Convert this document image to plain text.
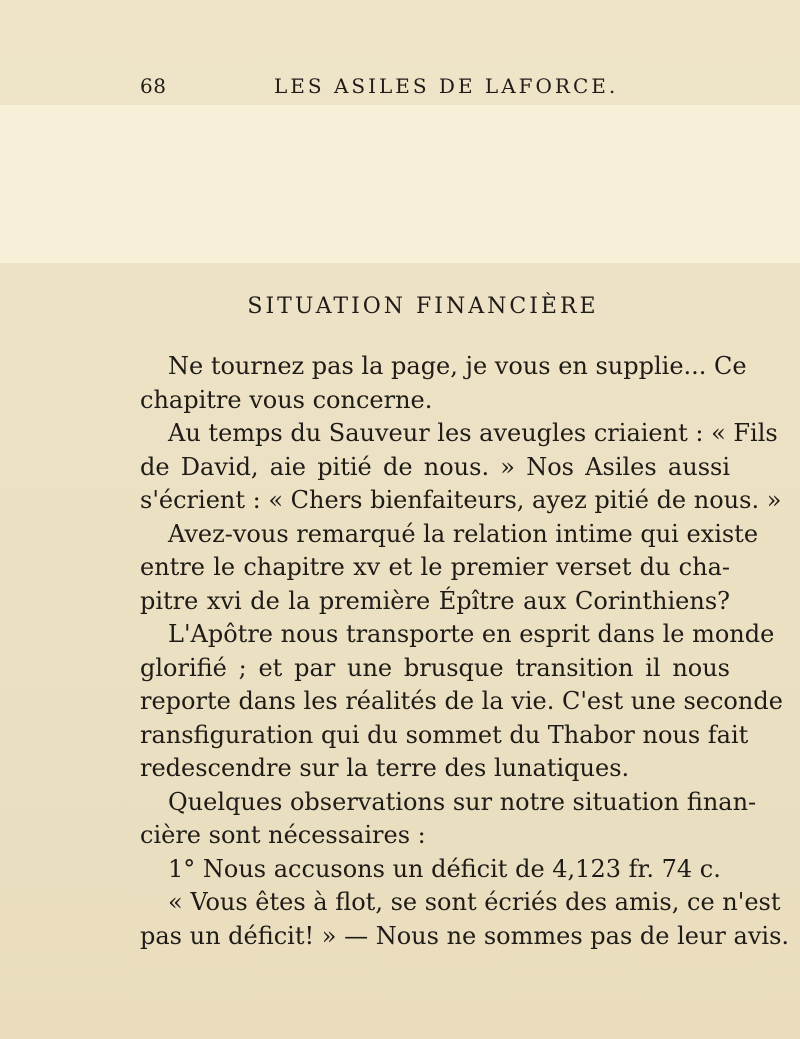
68	LES ASILES DE LAFORCE.
SITUATION FINANCIÈRE
Ne tournez pas la page, je vous en supplie... Ce
chapitre vous concerne.
Au temps du Sauveur les aveugles criaient : « Fils
de David, aie pitié de nous. » Nos Asiles aussi
s'écrient : « Chers bienfaiteurs, ayez pitié de nous. »
Avez-vous remarqué la relation intime qui existe
entre le chapitre xv et le premier verset du cha-
pitre xvi de la première Épître aux Corinthiens?
L'Apôtre nous transporte en esprit dans le monde
glorifié ; et par une brusque transition il nous
reporte dans les réalités de la vie. C'est une seconde
ransfiguration qui du sommet du Thabor nous fait
redescendre sur la terre des lunatiques.
Quelques observations sur notre situation finan-
cière sont nécessaires :
1° Nous accusons un déficit de 4,123 fr. 74 c.
« Vous êtes à flot, se sont écriés des amis, ce n'est
pas un déficit! » — Nous ne sommes pas de leur avis.
